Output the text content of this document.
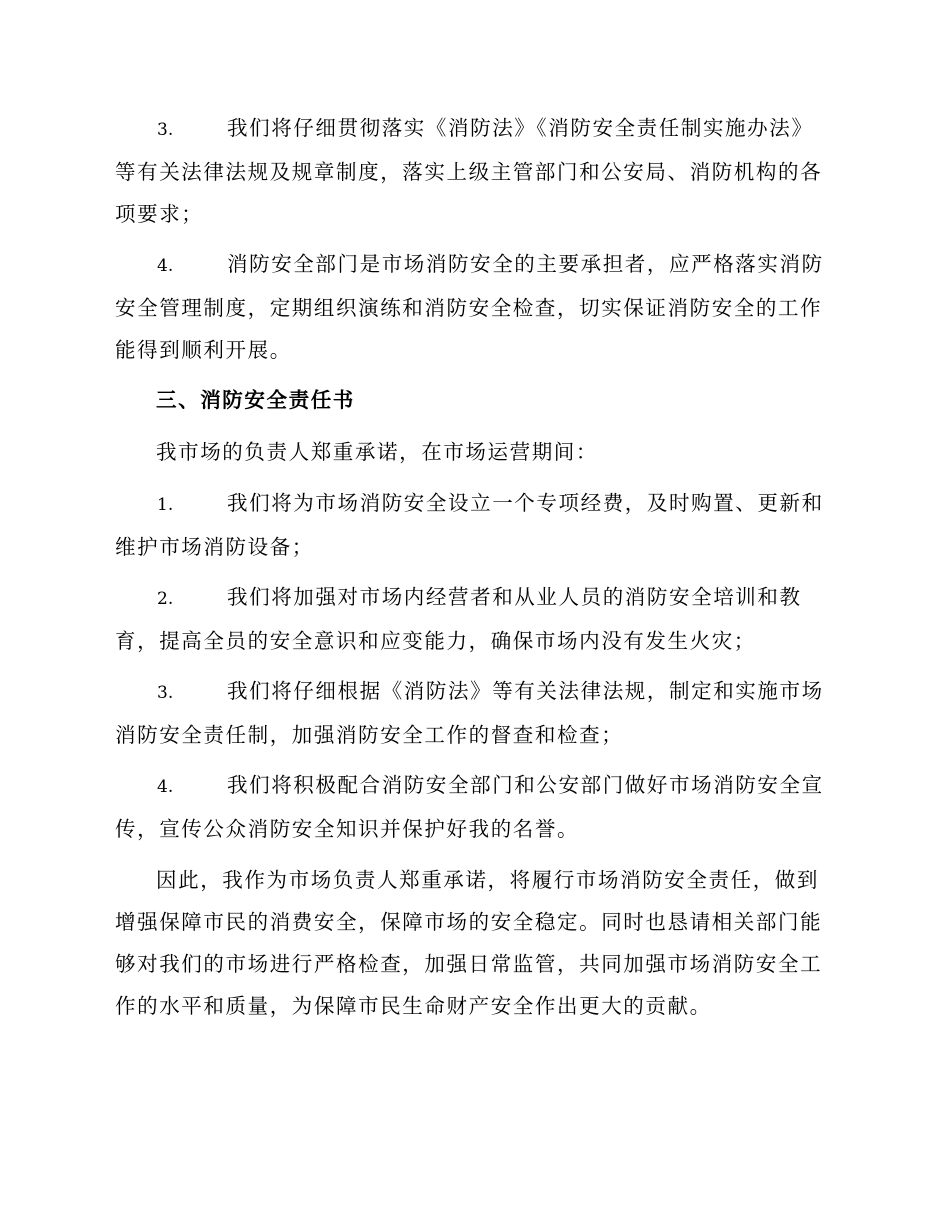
3.	我们将仔细贯彻落实《消防法》《消防安全责任制实施办法》等有关法律法规及规章制度，落实上级主管部门和公安局、消防机构的各项要求；

4.	消防安全部门是市场消防安全的主要承担者，应严格落实消防安全管理制度，定期组织演练和消防安全检查，切实保证消防安全的工作能得到顺利开展。

三、消防安全责任书

我市场的负责人郑重承诺，在市场运营期间：

1.	我们将为市场消防安全设立一个专项经费，及时购置、更新和维护市场消防设备；

2.	我们将加强对市场内经营者和从业人员的消防安全培训和教育，提高全员的安全意识和应变能力，确保市场内没有发生火灾；

3.	我们将仔细根据《消防法》等有关法律法规，制定和实施市场消防安全责任制，加强消防安全工作的督查和检查；

4.	我们将积极配合消防安全部门和公安部门做好市场消防安全宣传，宣传公众消防安全知识并保护好我的名誉。

因此，我作为市场负责人郑重承诺，将履行市场消防安全责任，做到增强保障市民的消费安全，保障市场的安全稳定。同时也恳请相关部门能够对我们的市场进行严格检查，加强日常监管，共同加强市场消防安全工作的水平和质量，为保障市民生命财产安全作出更大的贡献。
